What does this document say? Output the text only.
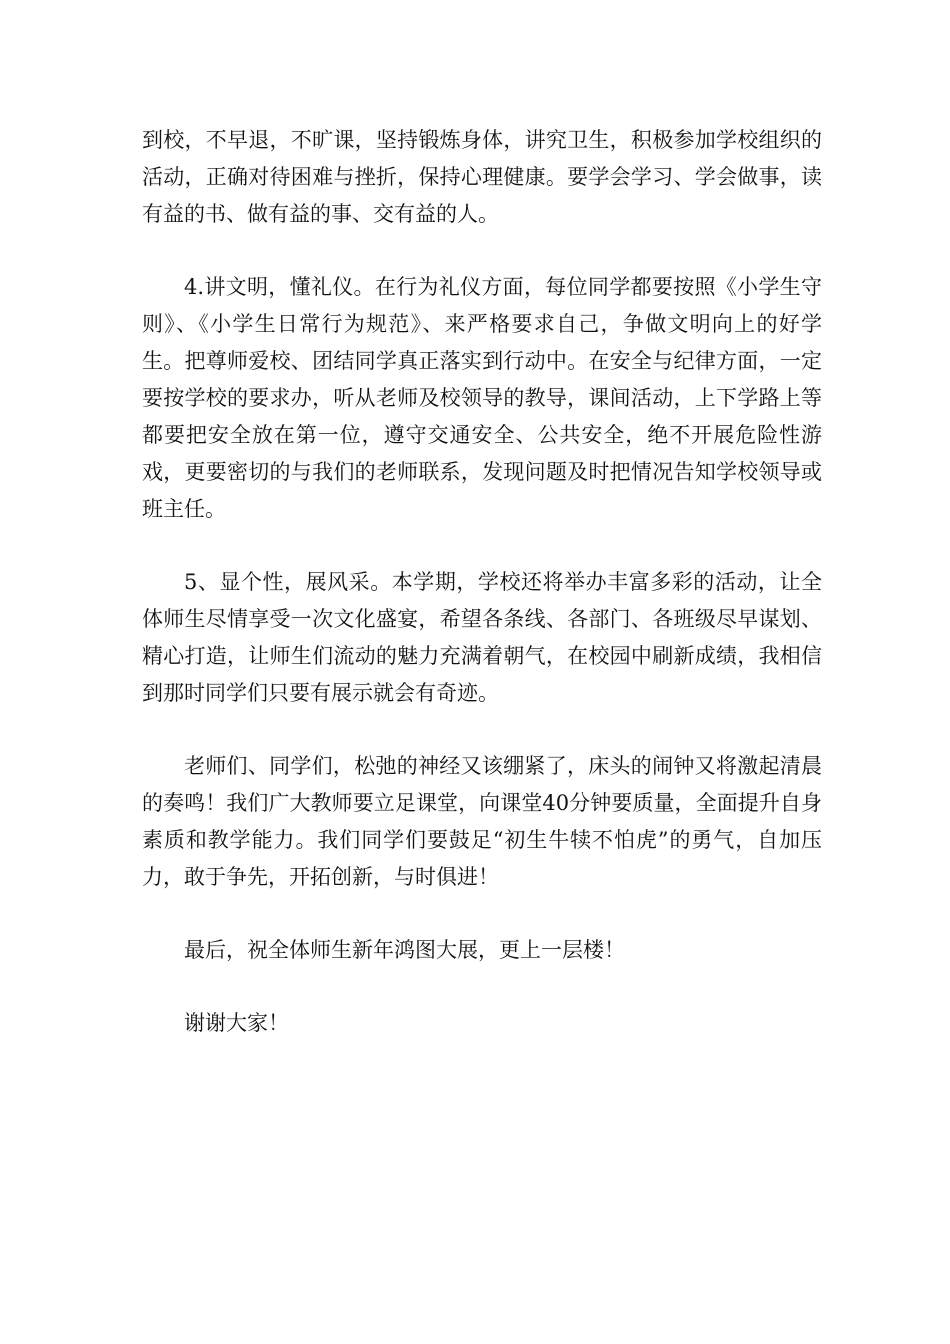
到校，不早退，不旷课，坚持锻炼身体，讲究卫生，积极参加学校组织的活动，正确对待困难与挫折，保持心理健康。要学会学习、学会做事，读有益的书、做有益的事、交有益的人。

4.讲文明，懂礼仪。在行为礼仪方面，每位同学都要按照《小学生守则》、《小学生日常行为规范》、来严格要求自己，争做文明向上的好学生。把尊师爱校、团结同学真正落实到行动中。在安全与纪律方面，一定要按学校的要求办，听从老师及校领导的教导，课间活动，上下学路上等都要把安全放在第一位，遵守交通安全、公共安全，绝不开展危险性游戏，更要密切的与我们的老师联系，发现问题及时把情况告知学校领导或班主任。

5、显个性，展风采。本学期，学校还将举办丰富多彩的活动，让全体师生尽情享受一次文化盛宴，希望各条线、各部门、各班级尽早谋划、精心打造，让师生们流动的魅力充满着朝气，在校园中刷新成绩，我相信到那时同学们只要有展示就会有奇迹。

老师们、同学们，松弛的神经又该绷紧了，床头的闹钟又将激起清晨的奏鸣！我们广大教师要立足课堂，向课堂40分钟要质量，全面提升自身素质和教学能力。我们同学们要鼓足“初生牛犊不怕虎”的勇气，自加压力，敢于争先，开拓创新，与时俱进！

最后，祝全体师生新年鸿图大展，更上一层楼！

谢谢大家！
